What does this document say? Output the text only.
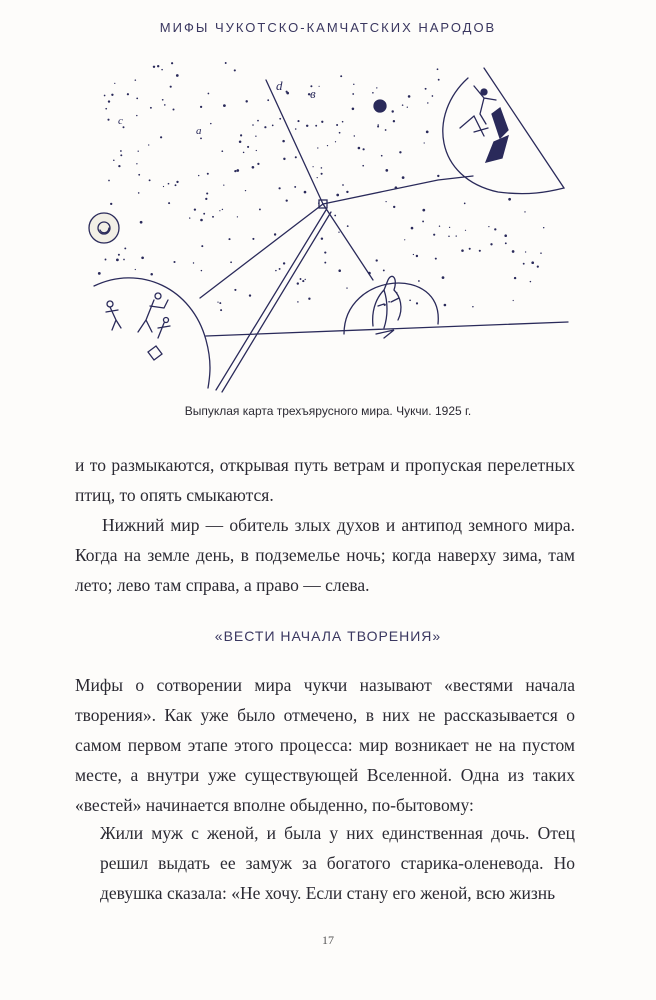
МИФЫ ЧУКОТСКО-КАМЧАТСКИХ НАРОДОВ
d
в
a
c
Выпуклая карта трехъярусного мира. Чукчи. 1925 г.

и то размыкаются, открывая путь ветрам и пропуская перелетных птиц, то опять смыкаются.

Нижний мир — обитель злых духов и антипод земного мира. Когда на земле день, в подземелье ночь; когда наверху зима, там лето; лево там справа, а право — слева.

«ВЕСТИ НАЧАЛА ТВОРЕНИЯ»

Мифы о сотворении мира чукчи называют «вестями начала творения». Как уже было отмечено, в них не рассказывается о самом первом этапе этого процесса: мир возникает не на пустом месте, а внутри уже существующей Вселенной. Одна из таких «вестей» начинается вполне обыденно, по-бытовому:

Жили муж с женой, и была у них единственная дочь. Отец решил выдать ее замуж за богатого старика-оленевода. Но девушка сказала: «Не хочу. Если стану его женой, всю жизнь

17
